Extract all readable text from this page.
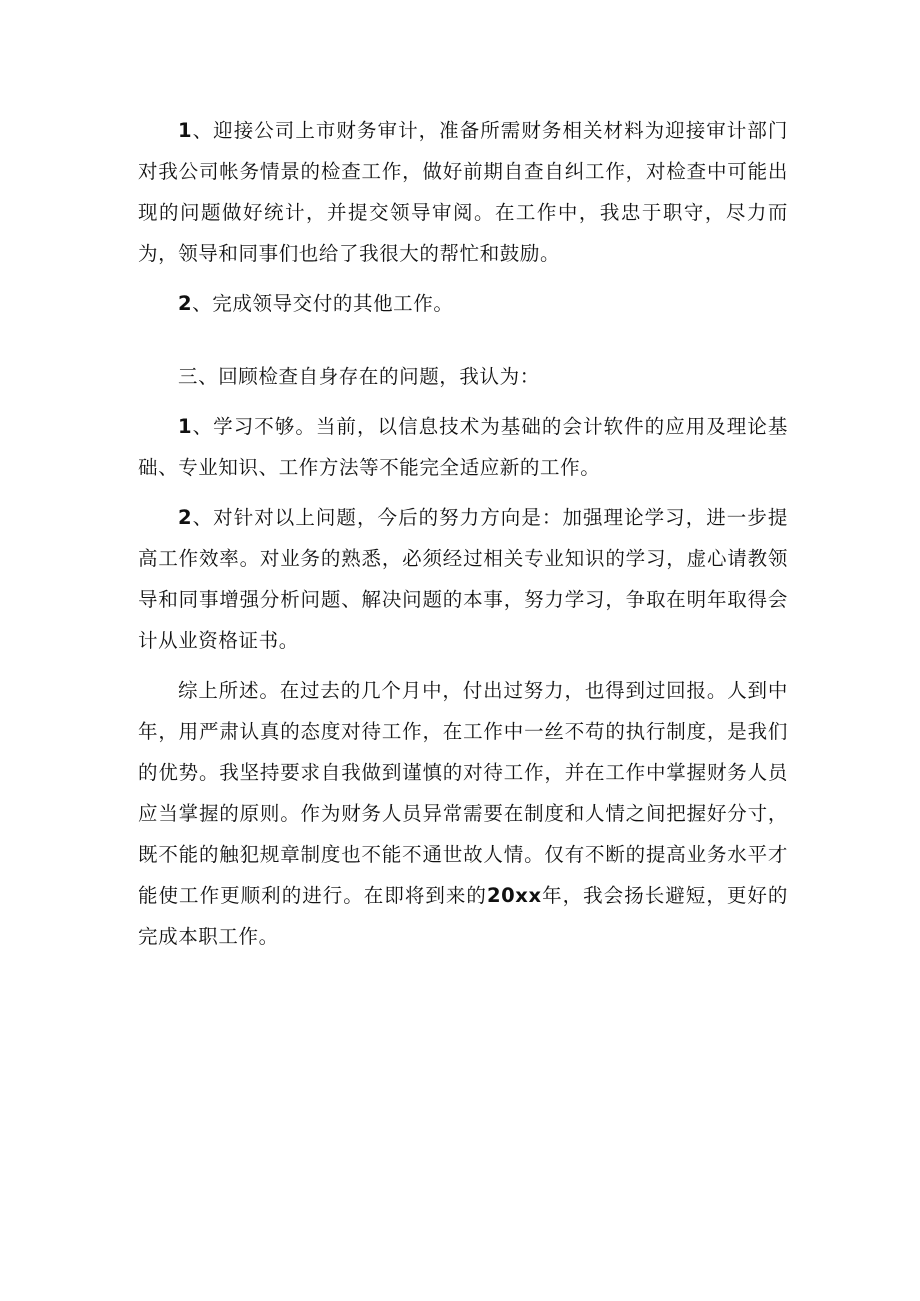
1、迎接公司上市财务审计，准备所需财务相关材料为迎接审计部门对我公司帐务情景的检查工作，做好前期自查自纠工作，对检查中可能出现的问题做好统计，并提交领导审阅。在工作中，我忠于职守，尽力而为，领导和同事们也给了我很大的帮忙和鼓励。

2、完成领导交付的其他工作。

三、回顾检查自身存在的问题，我认为：

1、学习不够。当前，以信息技术为基础的会计软件的应用及理论基础、专业知识、工作方法等不能完全适应新的工作。

2、对针对以上问题，今后的努力方向是：加强理论学习，进一步提高工作效率。对业务的熟悉，必须经过相关专业知识的学习，虚心请教领导和同事增强分析问题、解决问题的本事，努力学习，争取在明年取得会计从业资格证书。

综上所述。在过去的几个月中，付出过努力，也得到过回报。人到中年，用严肃认真的态度对待工作，在工作中一丝不苟的执行制度，是我们的优势。我坚持要求自我做到谨慎的对待工作，并在工作中掌握财务人员应当掌握的原则。作为财务人员异常需要在制度和人情之间把握好分寸，既不能的触犯规章制度也不能不通世故人情。仅有不断的提高业务水平才能使工作更顺利的进行。在即将到来的20xx年，我会扬长避短，更好的完成本职工作。
